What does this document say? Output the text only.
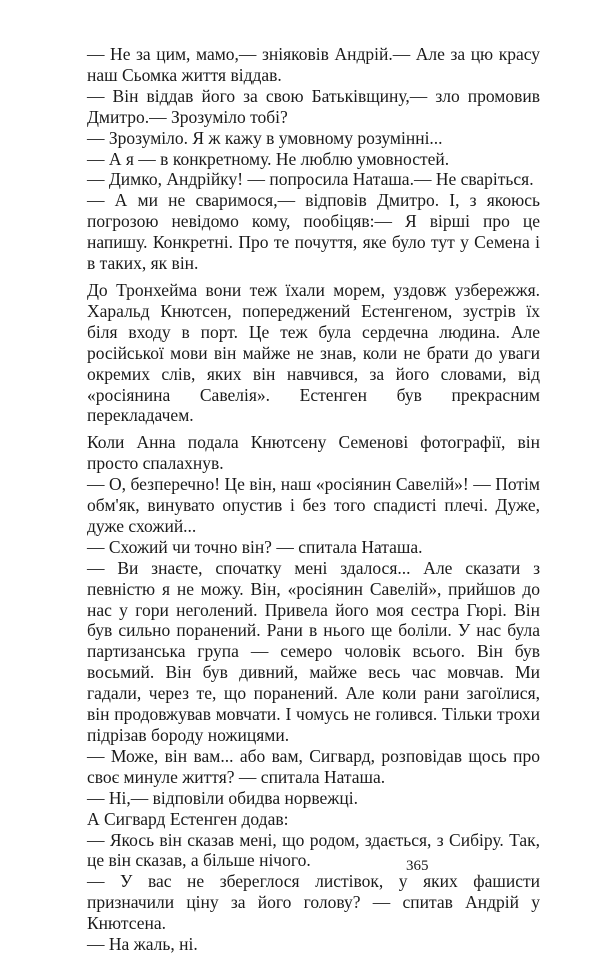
— Не за цим, мамо,— зніяковів Андрій.— Але за цю красу наш Сьомка життя віддав.

— Він віддав його за свою Батьківщину,— зло промовив Дмитро.— Зрозуміло тобі?

— Зрозуміло. Я ж кажу в умовному розумінні...

— А я — в конкретному. Не люблю умовностей.

— Димко, Андрійку! — попросила Наташа.— Не сваріться.

— А ми не сваримося,— відповів Дмитро. І, з якоюсь погрозою невідомо кому, пообіцяв:— Я вірші про це напишу. Конкретні. Про те почуття, яке було тут у Семена і в таких, як він.

До Тронхейма вони теж їхали морем, уздовж узбережжя. Харальд Кнютсен, попереджений Естенгеном, зустрів їх біля входу в порт. Це теж була сердечна людина. Але російської мови він майже не знав, коли не брати до уваги окремих слів, яких він навчився, за його словами, від «росіянина Савелія». Естенген був прекрасним перекладачем.

Коли Анна подала Кнютсену Семенові фотографії, він просто спалахнув.

— О, безперечно! Це він, наш «росіянин Савелій»! — Потім обм'як, винувато опустив і без того спадисті плечі. Дуже, дуже схожий...

— Схожий чи точно він? — спитала Наташа.

— Ви знаєте, спочатку мені здалося... Але сказати з певністю я не можу. Він, «росіянин Савелій», прийшов до нас у гори неголений. Привела його моя сестра Гюрі. Він був сильно поранений. Рани в нього ще боліли. У нас була партизанська група — семеро чоловік всього. Він був восьмий. Він був дивний, майже весь час мовчав. Ми гадали, через те, що поранений. Але коли рани загоїлися, він продовжував мовчати. І чомусь не голився. Тільки трохи підрізав бороду ножицями.

— Може, він вам... або вам, Сигвард, розповідав щось про своє минуле життя? — спитала Наташа.

— Ні,— відповіли обидва норвежці.

А Сигвард Естенген додав:

— Якось він сказав мені, що родом, здається, з Сибіру. Так, це він сказав, а більше нічого.

— У вас не збереглося листівок, у яких фашисти призначили ціну за його голову? — спитав Андрій у Кнютсена.

— На жаль, ні.

365
